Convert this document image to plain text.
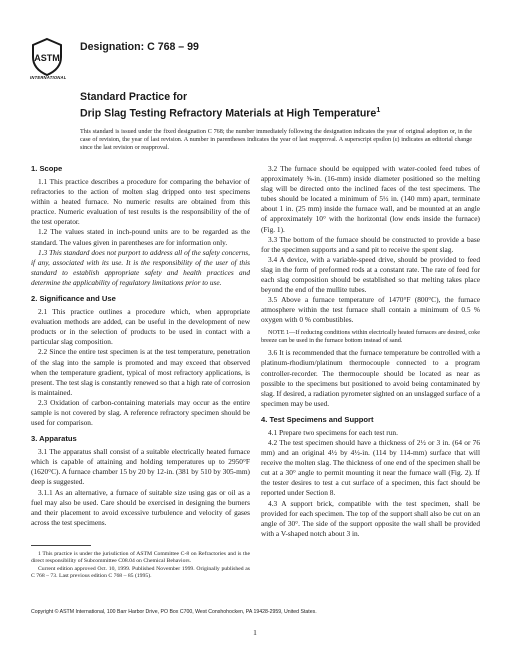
ASTM
INTERNATIONAL
Designation: C 768 – 99
Standard Practice for
Drip Slag Testing Refractory Materials at High Temperature$^1$
This standard is issued under the fixed designation C 768; the number immediately following the designation indicates the year of original adoption or, in the case of revision, the year of last revision. A number in parentheses indicates the year of last reapproval. A superscript epsilon (ε) indicates an editorial change since the last revision or reapproval.
1. Scope

1.1 This practice describes a procedure for comparing the behavior of refractories to the action of molten slag dripped onto test specimens within a heated furnace. No numeric results are obtained from this practice. Numeric evaluation of test results is the responsibility of the of the test operator.

1.2 The values stated in inch-pound units are to be regarded as the standard. The values given in parentheses are for information only.

1.3 This standard does not purport to address all of the safety concerns, if any, associated with its use. It is the responsibility of the user of this standard to establish appropriate safety and health practices and determine the applicability of regulatory limitations prior to use.

2. Significance and Use

2.1 This practice outlines a procedure which, when appropriate evaluation methods are added, can be useful in the development of new products or in the selection of products to be used in contact with a particular slag composition.

2.2 Since the entire test specimen is at the test temperature, penetration of the slag into the sample is promoted and may exceed that observed when the temperature gradient, typical of most refractory applications, is present. The test slag is constantly renewed so that a high rate of corrosion is maintained.

2.3 Oxidation of carbon-containing materials may occur as the entire sample is not covered by slag. A reference refractory specimen should be used for comparison.

3. Apparatus

3.1 The apparatus shall consist of a suitable electrically heated furnace which is capable of attaining and holding temperatures up to 2950°F (1620°C). A furnace chamber 15 by 20 by 12-in. (381 by 510 by 305-mm) deep is suggested.

3.1.1 As an alternative, a furnace of suitable size using gas or oil as a fuel may also be used. Care should be exercised in designing the burners and their placement to avoid excessive turbulence and velocity of gases across the test specimens.

1 This practice is under the jurisdiction of ASTM Committee C-8 on Refractories and is the direct responsibility of Subcommittee C08.04 on Chemical Behaviors.

Current edition approved Oct. 10, 1999. Published November 1999. Originally published as C 768 – 73. Last previous edition C 768 – 85 (1995).

3.2 The furnace should be equipped with water-cooled feed tubes of approximately ⅝-in. (16-mm) inside diameter positioned so the melting slag will be directed onto the inclined faces of the test specimens. The tubes should be located a minimum of 5½ in. (140 mm) apart, terminate about 1 in. (25 mm) inside the furnace wall, and be mounted at an angle of approximately 10° with the horizontal (low ends inside the furnace) (Fig. 1).

3.3 The bottom of the furnace should be constructed to provide a base for the specimen supports and a sand pit to receive the spent slag.

3.4 A device, with a variable-speed drive, should be provided to feed slag in the form of preformed rods at a constant rate. The rate of feed for each slag composition should be established so that melting takes place beyond the end of the mullite tubes.

3.5 Above a furnace temperature of 1470°F (800°C), the furnace atmosphere within the test furnace shall contain a minimum of 0.5 % oxygen with 0 % combustibles.

NOTE 1—If reducing conditions within electrically heated furnaces are desired, coke breeze can be used in the furnace bottom instead of sand.

3.6 It is recommended that the furnace temperature be controlled with a platinum-rhodium/platinum thermocouple connected to a program controller-recorder. The thermocouple should be located as near as possible to the specimens but positioned to avoid being contaminated by slag. If desired, a radiation pyrometer sighted on an unslagged surface of a specimen may be used.

4. Test Specimens and Support

4.1 Prepare two specimens for each test run.

4.2 The test specimen should have a thickness of 2½ or 3 in. (64 or 76 mm) and an original 4½ by 4½-in. (114 by 114-mm) surface that will receive the molten slag. The thickness of one end of the specimen shall be cut at a 30° angle to permit mounting it near the furnace wall (Fig. 2). If the tester desires to test a cut surface of a specimen, this fact should be reported under Section 8.

4.3 A support brick, compatible with the test specimen, shall be provided for each specimen. The top of the support shall also be cut on an angle of 30°. The side of the support opposite the wall shall be provided with a V-shaped notch about 3 in.

Copyright © ASTM International, 100 Barr Harbor Drive, PO Box C700, West Conshohocken, PA 19428-2959, United States.
1
